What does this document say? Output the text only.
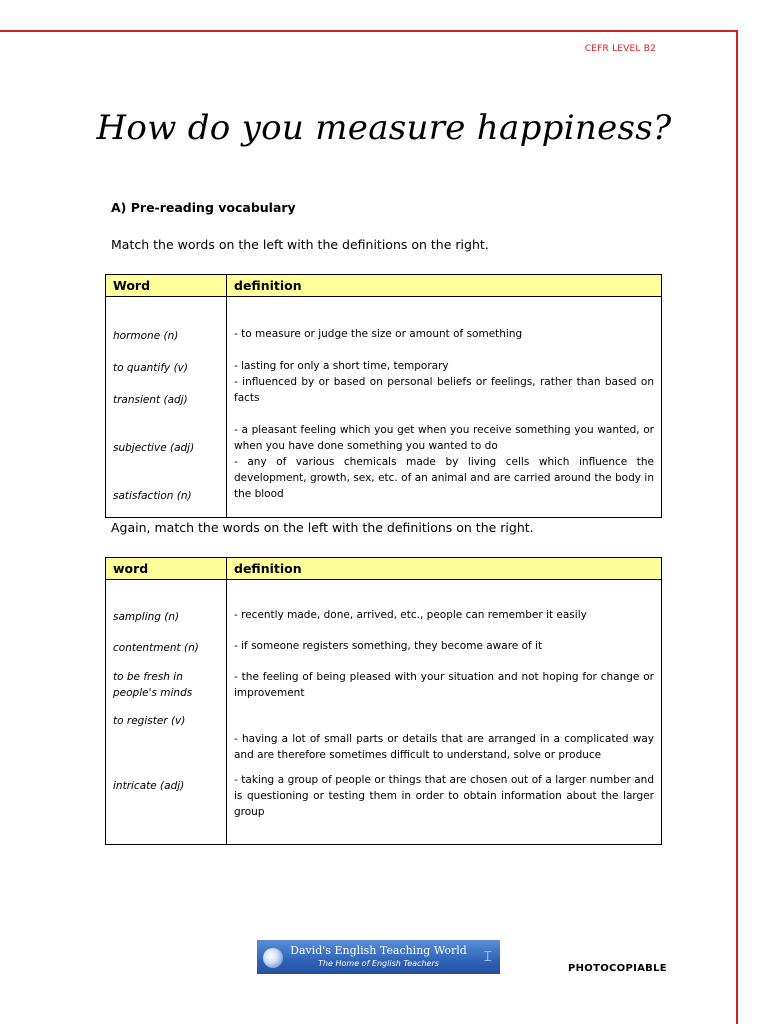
CEFR LEVEL B2
How do you measure happiness?
A) Pre-reading vocabulary
Match the words on the left with the definitions on the right.
Word	definition
hormone (n)	- to measure or judge the size or amount of something
to quantify (v)	- lasting for only a short time, temporary
transient (adj)	- influenced by or based on personal beliefs or feelings, rather than based on facts
subjective (adj)	- a pleasant feeling which you get when you receive something you wanted, or when you have done something you wanted to do
satisfaction (n)	- any of various chemicals made by living cells which influence the development, growth, sex, etc. of an animal and are carried around the body in the blood
Again, match the words on the left with the definitions on the right.
word	definition
sampling (n)	- recently made, done, arrived, etc., people can remember it easily
contentment (n)	- if someone registers something, they become aware of it
to be fresh in people's minds	- the feeling of being pleased with your situation and not hoping for change or improvement
to register (v)	- having a lot of small parts or details that are arranged in a complicated way and are therefore sometimes difficult to understand, solve or produce
intricate (adj)	- taking a group of people or things that are chosen out of a larger number and is questioning or testing them in order to obtain information about the larger group
David's English Teaching World
The Home of English Teachers	⌶
PHOTOCOPIABLE
